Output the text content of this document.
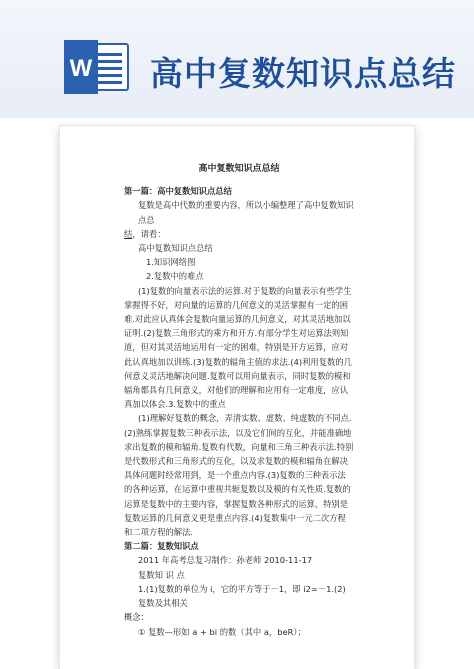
W 高中复数知识点总结
高中复数知识点总结

第一篇：高中复数知识点总结

复数是高中代数的重要内容，所以小编整理了高中复数知识点总

结，请看：

高中复数知识点总结

1.知识网络图

2.复数中的难点

(1)复数的向量表示法的运算.对于复数的向量表示有些学生掌握得不好，对向量的运算的几何意义的灵活掌握有一定的困难.对此应认真体会复数向量运算的几何意义，对其灵活地加以证明.(2)复数三角形式的乘方和开方.有部分学生对运算法则知道，但对其灵活地运用有一定的困难，特别是开方运算，应对此认真地加以训练.(3)复数的辐角主值的求法.(4)利用复数的几何意义灵活地解决问题.复数可以用向量表示，同时复数的模和辐角都具有几何意义，对他们的理解和应用有一定难度，应认真加以体会.3.复数中的重点

(1)理解好复数的概念，弄清实数、虚数、纯虚数的不同点.(2)熟练掌握复数三种表示法，以及它们间的互化，并能准确地求出复数的模和辐角.复数有代数，向量和三角三种表示法.特别是代数形式和三角形式的互化，以及求复数的模和辐角在解决具体问题时经常用到，是一个重点内容.(3)复数的三种表示法的各种运算，在运算中重视共轭复数以及模的有关性质.复数的运算是复数中的主要内容，掌握复数各种形式的运算，特别是复数运算的几何意义更是重点内容.(4)复数集中一元二次方程和二项方程的解法.

第二篇：复数知识点

2011 年高考总复习制作：孙老师 2010-11-17

复数知 识 点

1.(1)复数的单位为 i，它的平方等于－1，即 i2=－1.(2)复数及其相关

概念：

① 复数—形如 a + bi 的数（其中 a，beR）；
